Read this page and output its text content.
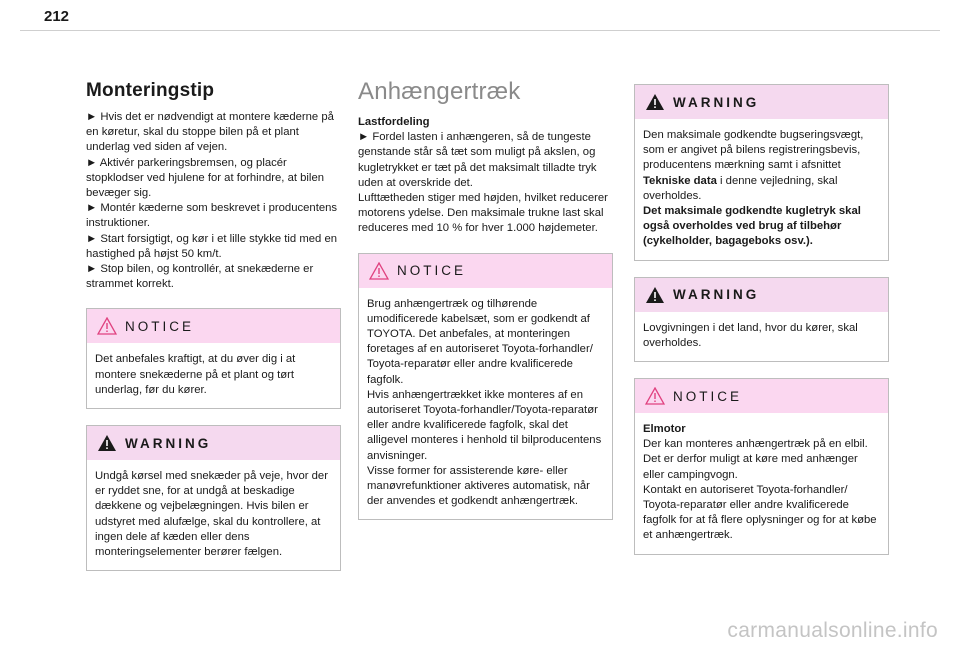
212
Monteringstip

► Hvis det er nødvendigt at montere kæderne på en køretur, skal du stoppe bilen på et plant underlag ved siden af vejen.
► Aktivér parkeringsbremsen, og placér stopklodser ved hjulene for at forhindre, at bilen bevæger sig.
► Montér kæderne som beskrevet i producentens instruktioner.
► Start forsigtigt, og kør i et lille stykke tid med en hastighed på højst 50 km/t.
► Stop bilen, og kontrollér, at snekæderne er strammet korrekt.

NOTICE
Det anbefales kraftigt, at du øver dig i at montere snekæderne på et plant og tørt underlag, før du kører.
WARNING
Undgå kørsel med snekæder på veje, hvor der er ryddet sne, for at undgå at beskadige dækkene og vejbelægningen. Hvis bilen er udstyret med alufælge, skal du kontrollere, at ingen dele af kæden eller dens monteringselementer berører fælgen.
Anhængertræk

Lastfordeling

► Fordel lasten i anhængeren, så de tungeste genstande står så tæt som muligt på akslen, og kugletrykket er tæt på det maksimalt tilladte tryk uden at overskride det.
Lufttætheden stiger med højden, hvilket reducerer motorens ydelse. Den maksimale trukne last skal reduceres med 10 % for hver 1.000 højdemeter.

NOTICE
Brug anhængertræk og tilhørende umodificerede kabelsæt, som er godkendt af TOYOTA. Det anbefales, at monteringen foretages af en autoriseret Toyota-forhandler/ Toyota-reparatør eller andre kvalificerede fagfolk.
Hvis anhængertrækket ikke monteres af en autoriseret Toyota-forhandler/Toyota-reparatør eller andre kvalificerede fagfolk, skal det alligevel monteres i henhold til bilproducentens anvisninger.
Visse former for assisterende køre- eller manøvrefunktioner aktiveres automatisk, når der anvendes et godkendt anhængertræk.
WARNING
Den maksimale godkendte bugseringsvægt, som er angivet på bilens registreringsbevis, producentens mærkning samt i afsnittet Tekniske data i denne vejledning, skal overholdes.
Det maksimale godkendte kugletryk skal også overholdes ved brug af tilbehør (cykelholder, bagageboks osv.).
WARNING
Lovgivningen i det land, hvor du kører, skal overholdes.
NOTICE
Elmotor
Der kan monteres anhængertræk på en elbil. Det er derfor muligt at køre med anhænger eller campingvogn.
Kontakt en autoriseret Toyota-forhandler/ Toyota-reparatør eller andre kvalificerede fagfolk for at få flere oplysninger og for at købe et anhængertræk.
carmanualsonline.info
